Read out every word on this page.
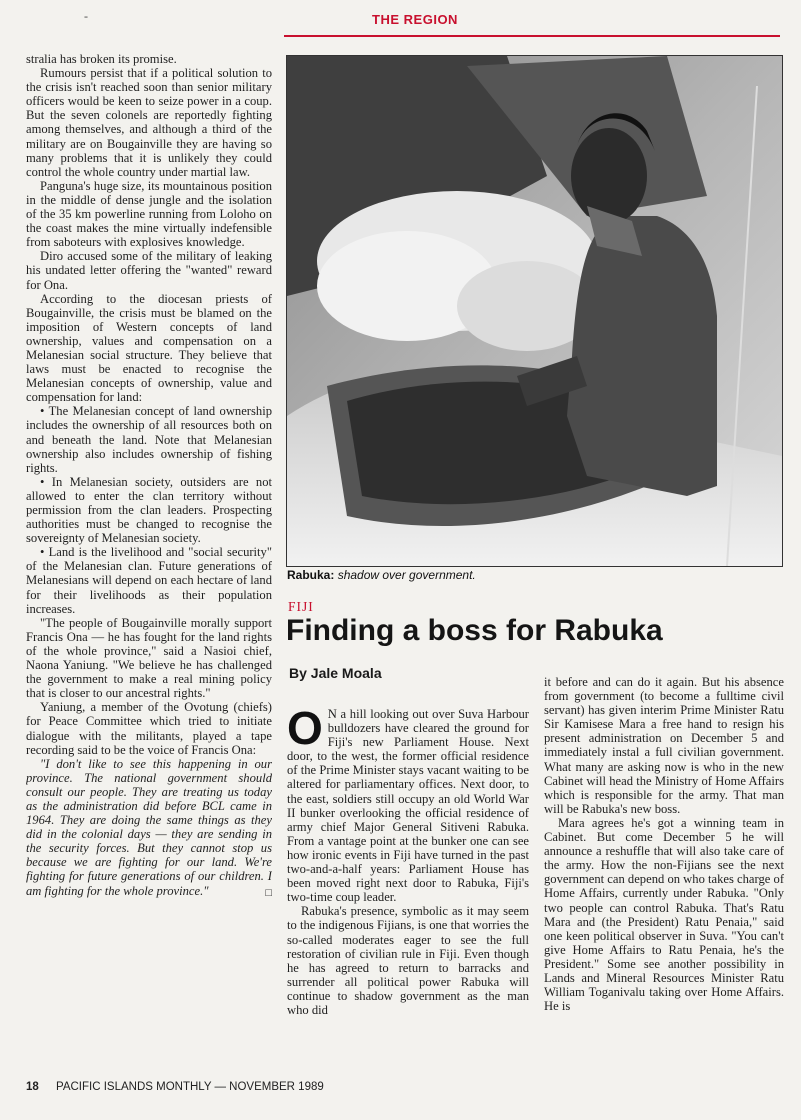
-	THE REGION

stralia has broken its promise.

Rumours persist that if a political solution to the crisis isn't reached soon than senior military officers would be keen to seize power in a coup. But the seven colonels are reportedly fighting among themselves, and although a third of the military are on Bougainville they are having so many problems that it is unlikely they could control the whole country under martial law.

Panguna's huge size, its mountainous position in the middle of dense jungle and the isolation of the 35 km powerline running from Loloho on the coast makes the mine virtually indefensible from saboteurs with explosives knowledge.

Diro accused some of the military of leaking his undated letter offering the "wanted" reward for Ona.

According to the diocesan priests of Bougainville, the crisis must be blamed on the imposition of Western concepts of land ownership, values and compensation on a Melanesian social structure. They believe that laws must be enacted to recognise the Melanesian concepts of ownership, value and compensation for land:

• The Melanesian concept of land ownership includes the ownership of all resources both on and beneath the land. Note that Melanesian ownership also includes ownership of fishing rights.

• In Melanesian society, outsiders are not allowed to enter the clan territory without permission from the clan leaders. Prospecting authorities must be changed to recognise the sovereignty of Melanesian society.

• Land is the livelihood and "social security" of the Melanesian clan. Future generations of Melanesians will depend on each hectare of land for their livelihoods as their population increases.

"The people of Bougainville morally support Francis Ona — he has fought for the land rights of the whole province," said a Nasioi chief, Naona Yaniung. "We believe he has challenged the government to make a real mining policy that is closer to our ancestral rights."

Yaniung, a member of the Ovotung (chiefs) for Peace Committee which tried to initiate dialogue with the militants, played a tape recording said to be the voice of Francis Ona:

"I don't like to see this happening in our province. The national government should consult our people. They are treating us today as the administration did before BCL came in 1964. They are doing the same things as they did in the colonial days — they are sending in the security forces. But they cannot stop us because we are fighting for our land. We're fighting for future generations of our children. I am fighting for the whole province."	□

Rabuka: shadow over government.
FIJI
Finding a boss for Rabuka
By Jale Moala

O N a hill looking out over Suva Harbour bulldozers have cleared the ground for Fiji's new Parliament House. Next door, to the west, the former official residence of the Prime Minister stays vacant waiting to be altered for parliamentary offices. Next door, to the east, soldiers still occupy an old World War II bunker overlooking the official residence of army chief Major General Sitiveni Rabuka. From a vantage point at the bunker one can see how ironic events in Fiji have turned in the past two-and-a-half years: Parliament House has been moved right next door to Rabuka, Fiji's two-time coup leader.

Rabuka's presence, symbolic as it may seem to the indigenous Fijians, is one that worries the so-called moderates eager to see the full restoration of civilian rule in Fiji. Even though he has agreed to return to barracks and surrender all political power Rabuka will continue to shadow government as the man who did

it before and can do it again. But his absence from government (to become a fulltime civil servant) has given interim Prime Minister Ratu Sir Kamisese Mara a free hand to resign his present administration on December 5 and immediately instal a full civilian government. What many are asking now is who in the new Cabinet will head the Ministry of Home Affairs which is responsible for the army. That man will be Rabuka's new boss.

Mara agrees he's got a winning team in Cabinet. But come December 5 he will announce a reshuffle that will also take care of the army. How the non-Fijians see the next government can depend on who takes charge of Home Affairs, currently under Rabuka. "Only two people can control Rabuka. That's Ratu Mara and (the President) Ratu Penaia," said one keen political observer in Suva. "You can't give Home Affairs to Ratu Penaia, he's the President." Some see another possibility in Lands and Mineral Resources Minister Ratu William Toganivalu taking over Home Affairs. He is

18 PACIFIC ISLANDS MONTHLY — NOVEMBER 1989
